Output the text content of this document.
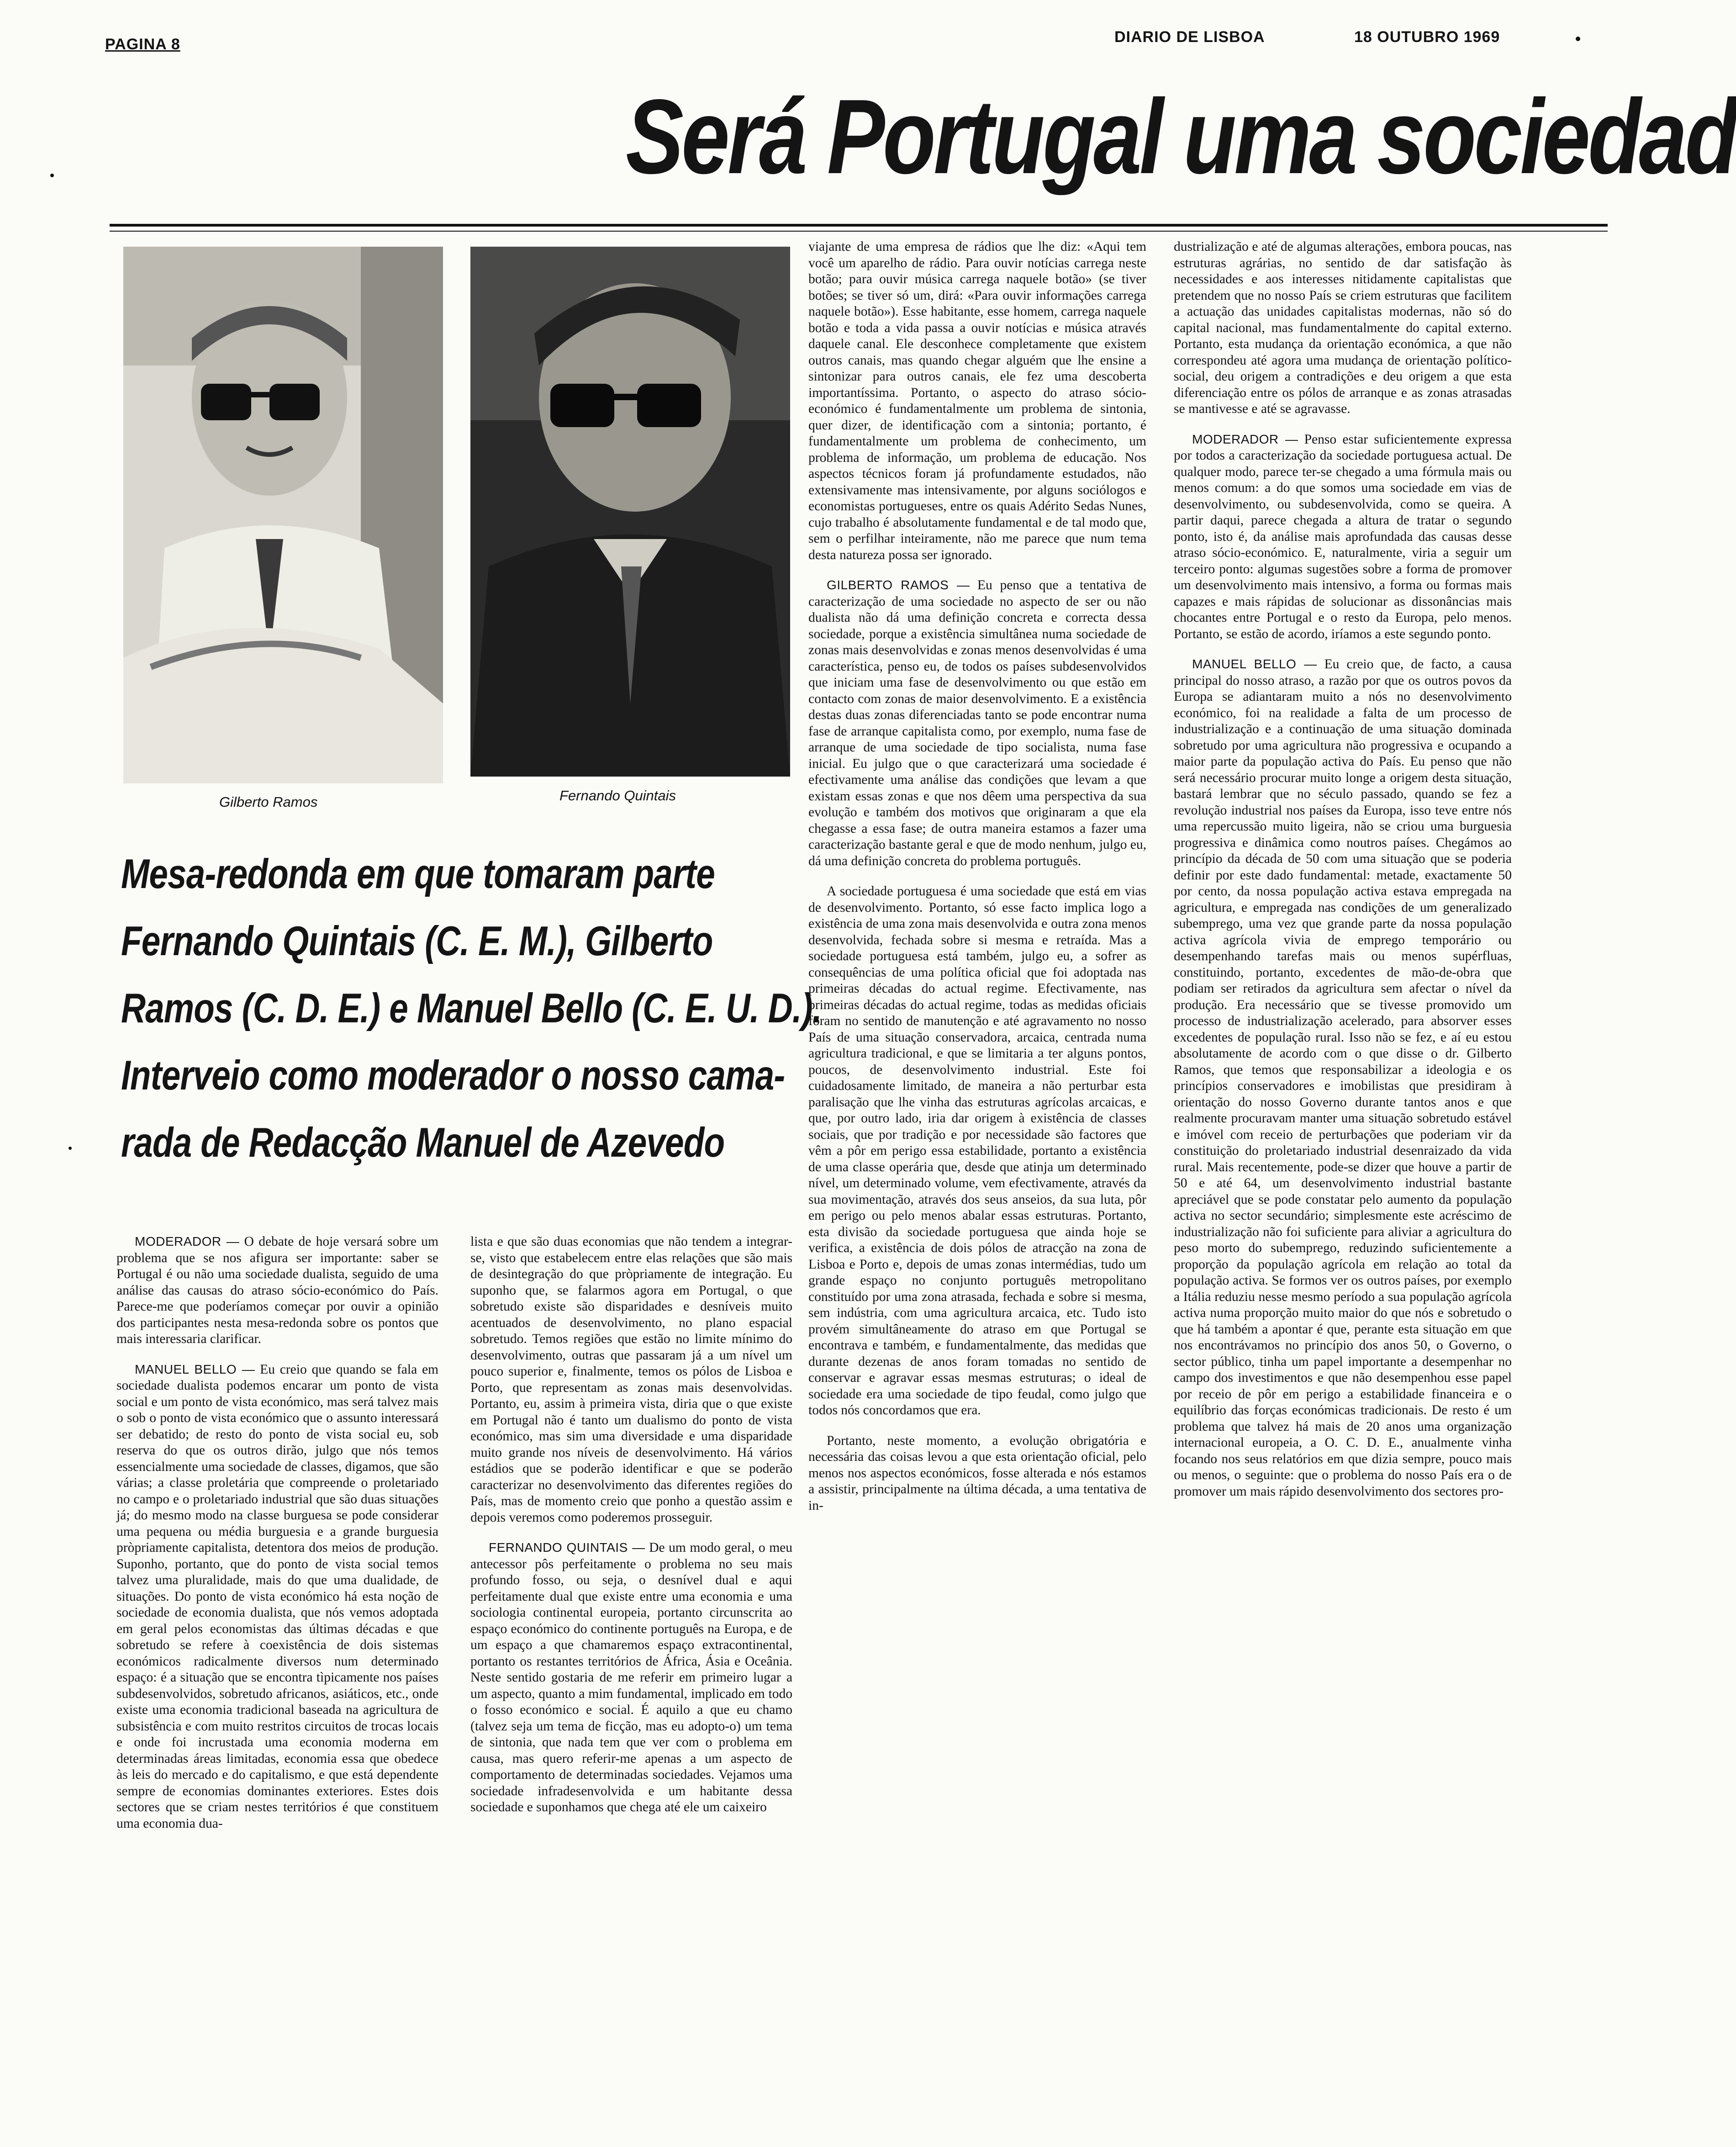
PAGINA 8	DIARIO DE LISBOA	18 OUTUBRO 1969
Será Portugal uma sociedad
Gilberto Ramos	Fernando Quintais
Mesa-redonda em que tomaram parte
Fernando Quintais (C. E. M.), Gilberto
Ramos (C. D. E.) e Manuel Bello (C. E. U. D.).
Interveio como moderador o nosso cama-
rada de Redacção Manuel de Azevedo

MODERADOR — O debate de hoje versará sobre um problema que se nos afigura ser importante: saber se Portugal é ou não uma sociedade dualista, seguido de uma análise das causas do atraso sócio-económico do País. Parece-me que poderíamos começar por ouvir a opinião dos participantes nesta mesa-redonda sobre os pontos que mais interessaria clarificar.

MANUEL BELLO — Eu creio que quando se fala em sociedade dualista podemos encarar um ponto de vista social e um ponto de vista económico, mas será talvez mais o sob o ponto de vista económico que o assunto interessará ser debatido; de resto do ponto de vista social eu, sob reserva do que os outros dirão, julgo que nós temos essencialmente uma sociedade de classes, digamos, que são várias; a classe proletária que compreende o proletariado no campo e o proletariado industrial que são duas situações já; do mesmo modo na classe burguesa se pode considerar uma pequena ou média burguesia e a grande burguesia pròpriamente capitalista, detentora dos meios de produção. Suponho, portanto, que do ponto de vista social temos talvez uma pluralidade, mais do que uma dualidade, de situações. Do ponto de vista económico há esta noção de sociedade de economia dualista, que nós vemos adoptada em geral pelos economistas das últimas décadas e que sobretudo se refere à coexistência de dois sistemas económicos radicalmente diversos num determinado espaço: é a situação que se encontra tìpicamente nos países subdesenvolvidos, sobretudo africanos, asiáticos, etc., onde existe uma economia tradicional baseada na agricultura de subsistência e com muito restritos circuitos de trocas locais e onde foi incrustada uma economia moderna em determinadas áreas limitadas, economia essa que obedece às leis do mercado e do capitalismo, e que está dependente sempre de economias dominantes exteriores. Estes dois sectores que se criam nestes territórios é que constituem uma economia dua-

lista e que são duas economias que não tendem a integrar-se, visto que estabelecem entre elas relações que são mais de desintegração do que pròpriamente de integração. Eu suponho que, se falarmos agora em Portugal, o que sobretudo existe são disparidades e desníveis muito acentuados de desenvolvimento, no plano espacial sobretudo. Temos regiões que estão no limite mínimo do desenvolvimento, outras que passaram já a um nível um pouco superior e, finalmente, temos os pólos de Lisboa e Porto, que representam as zonas mais desenvolvidas. Portanto, eu, assim à primeira vista, diria que o que existe em Portugal não é tanto um dualismo do ponto de vista económico, mas sim uma diversidade e uma disparidade muito grande nos níveis de desenvolvimento. Há vários estádios que se poderão identificar e que se poderão caracterizar no desenvolvimento das diferentes regiões do País, mas de momento creio que ponho a questão assim e depois veremos como poderemos prosseguir.

FERNANDO QUINTAIS — De um modo geral, o meu antecessor pôs perfeitamente o problema no seu mais profundo fosso, ou seja, o desnível dual e aqui perfeitamente dual que existe entre uma economia e uma sociologia continental europeia, portanto circunscrita ao espaço económico do continente português na Europa, e de um espaço a que chamaremos espaço extracontinental, portanto os restantes territórios de África, Ásia e Oceânia. Neste sentido gostaria de me referir em primeiro lugar a um aspecto, quanto a mim fundamental, implicado em todo o fosso económico e social. É aquilo a que eu chamo (talvez seja um tema de ficção, mas eu adopto-o) um tema de sintonia, que nada tem que ver com o problema em causa, mas quero referir-me apenas a um aspecto de comportamento de determinadas sociedades. Vejamos uma sociedade infradesenvolvida e um habitante dessa sociedade e suponhamos que chega até ele um caixeiro

viajante de uma empresa de rádios que lhe diz: «Aqui tem você um aparelho de rádio. Para ouvir notícias carrega neste botão; para ouvir música carrega naquele botão» (se tiver botões; se tiver só um, dirá: «Para ouvir informações carrega naquele botão»). Esse habitante, esse homem, carrega naquele botão e toda a vida passa a ouvir notícias e música através daquele canal. Ele desconhece completamente que existem outros canais, mas quando chegar alguém que lhe ensine a sintonizar para outros canais, ele fez uma descoberta importantíssima. Portanto, o aspecto do atraso sócio-económico é fundamentalmente um problema de sintonia, quer dizer, de identificação com a sintonia; portanto, é fundamentalmente um problema de conhecimento, um problema de informação, um problema de educação. Nos aspectos técnicos foram já profundamente estudados, não extensivamente mas intensivamente, por alguns sociólogos e economistas portugueses, entre os quais Adérito Sedas Nunes, cujo trabalho é absolutamente fundamental e de tal modo que, sem o perfilhar inteiramente, não me parece que num tema desta natureza possa ser ignorado.

GILBERTO RAMOS — Eu penso que a tentativa de caracterização de uma sociedade no aspecto de ser ou não dualista não dá uma definição concreta e correcta dessa sociedade, porque a existência simultânea numa sociedade de zonas mais desenvolvidas e zonas menos desenvolvidas é uma característica, penso eu, de todos os países subdesenvolvidos que iniciam uma fase de desenvolvimento ou que estão em contacto com zonas de maior desenvolvimento. E a existência destas duas zonas diferenciadas tanto se pode encontrar numa fase de arranque capitalista como, por exemplo, numa fase de arranque de uma sociedade de tipo socialista, numa fase inicial. Eu julgo que o que caracterizará uma sociedade é efectivamente uma análise das condições que levam a que existam essas zonas e que nos dêem uma perspectiva da sua evolução e também dos motivos que originaram a que ela chegasse a essa fase; de outra maneira estamos a fazer uma caracterização bastante geral e que de modo nenhum, julgo eu, dá uma definição concreta do problema português.

A sociedade portuguesa é uma sociedade que está em vias de desenvolvimento. Portanto, só esse facto implica logo a existência de uma zona mais desenvolvida e outra zona menos desenvolvida, fechada sobre si mesma e retraída. Mas a sociedade portuguesa está também, julgo eu, a sofrer as consequências de uma política oficial que foi adoptada nas primeiras décadas do actual regime. Efectivamente, nas primeiras décadas do actual regime, todas as medidas oficiais foram no sentido de manutenção e até agravamento no nosso País de uma situação conservadora, arcaica, centrada numa agricultura tradicional, e que se limitaria a ter alguns pontos, poucos, de desenvolvimento industrial. Este foi cuidadosamente limitado, de maneira a não perturbar esta paralisação que lhe vinha das estruturas agrícolas arcaicas, e que, por outro lado, iria dar origem à existência de classes sociais, que por tradição e por necessidade são factores que vêm a pôr em perigo essa estabilidade, portanto a existência de uma classe operária que, desde que atinja um determinado nível, um determinado volume, vem efectivamente, através da sua movimentação, através dos seus anseios, da sua luta, pôr em perigo ou pelo menos abalar essas estruturas. Portanto, esta divisão da sociedade portuguesa que ainda hoje se verifica, a existência de dois pólos de atracção na zona de Lisboa e Porto e, depois de umas zonas intermédias, tudo um grande espaço no conjunto português metropolitano constituído por uma zona atrasada, fechada e sobre si mesma, sem indústria, com uma agricultura arcaica, etc. Tudo isto provém simultâneamente do atraso em que Portugal se encontrava e também, e fundamentalmente, das medidas que durante dezenas de anos foram tomadas no sentido de conservar e agravar essas mesmas estruturas; o ideal de sociedade era uma sociedade de tipo feudal, como julgo que todos nós concordamos que era.

Portanto, neste momento, a evolução obrigatória e necessária das coisas levou a que esta orientação oficial, pelo menos nos aspectos económicos, fosse alterada e nós estamos a assistir, principalmente na última década, a uma tentativa de in-

dustrialização e até de algumas alterações, embora poucas, nas estruturas agrárias, no sentido de dar satisfação às necessidades e aos interesses nitidamente capitalistas que pretendem que no nosso País se criem estruturas que facilitem a actuação das unidades capitalistas modernas, não só do capital nacional, mas fundamentalmente do capital externo. Portanto, esta mudança da orientação económica, a que não correspondeu até agora uma mudança de orientação político-social, deu origem a contradições e deu origem a que esta diferenciação entre os pólos de arranque e as zonas atrasadas se mantivesse e até se agravasse.

MODERADOR — Penso estar suficientemente expressa por todos a caracterização da sociedade portuguesa actual. De qualquer modo, parece ter-se chegado a uma fórmula mais ou menos comum: a do que somos uma sociedade em vias de desenvolvimento, ou subdesenvolvida, como se queira. A partir daqui, parece chegada a altura de tratar o segundo ponto, isto é, da análise mais aprofundada das causas desse atraso sócio-económico. E, naturalmente, viria a seguir um terceiro ponto: algumas sugestões sobre a forma de promover um desenvolvimento mais intensivo, a forma ou formas mais capazes e mais rápidas de solucionar as dissonâncias mais chocantes entre Portugal e o resto da Europa, pelo menos. Portanto, se estão de acordo, iríamos a este segundo ponto.

MANUEL BELLO — Eu creio que, de facto, a causa principal do nosso atraso, a razão por que os outros povos da Europa se adiantaram muito a nós no desenvolvimento económico, foi na realidade a falta de um processo de industrialização e a continuação de uma situação dominada sobretudo por uma agricultura não progressiva e ocupando a maior parte da população activa do País. Eu penso que não será necessário procurar muito longe a origem desta situação, bastará lembrar que no século passado, quando se fez a revolução industrial nos países da Europa, isso teve entre nós uma repercussão muito ligeira, não se criou uma burguesia progressiva e dinâmica como noutros países. Chegámos ao princípio da década de 50 com uma situação que se poderia definir por este dado fundamental: metade, exactamente 50 por cento, da nossa população activa estava empregada na agricultura, e empregada nas condições de um generalizado subemprego, uma vez que grande parte da nossa população activa agrícola vivia de emprego temporário ou desempenhando tarefas mais ou menos supérfluas, constituindo, portanto, excedentes de mão-de-obra que podiam ser retirados da agricultura sem afectar o nível da produção. Era necessário que se tivesse promovido um processo de industrialização acelerado, para absorver esses excedentes de população rural. Isso não se fez, e aí eu estou absolutamente de acordo com o que disse o dr. Gilberto Ramos, que temos que responsabilizar a ideologia e os princípios conservadores e imobilistas que presidiram à orientação do nosso Governo durante tantos anos e que realmente procuravam manter uma situação sobretudo estável e imóvel com receio de perturbações que poderiam vir da constituição do proletariado industrial desenraizado da vida rural. Mais recentemente, pode-se dizer que houve a partir de 50 e até 64, um desenvolvimento industrial bastante apreciável que se pode constatar pelo aumento da população activa no sector secundário; simplesmente este acréscimo de industrialização não foi suficiente para aliviar a agricultura do peso morto do subemprego, reduzindo suficientemente a proporção da população agrícola em relação ao total da população activa. Se formos ver os outros países, por exemplo a Itália reduziu nesse mesmo período a sua população agrícola activa numa proporção muito maior do que nós e sobretudo o que há também a apontar é que, perante esta situação em que nos encontrávamos no princípio dos anos 50, o Governo, o sector público, tinha um papel importante a desempenhar no campo dos investimentos e que não desempenhou esse papel por receio de pôr em perigo a estabilidade financeira e o equilíbrio das forças económicas tradicionais. De resto é um problema que talvez há mais de 20 anos uma organização internacional europeia, a O. C. D. E., anualmente vinha focando nos seus relatórios em que dizia sempre, pouco mais ou menos, o seguinte: que o problema do nosso País era o de promover um mais rápido desenvolvimento dos sectores pro-
